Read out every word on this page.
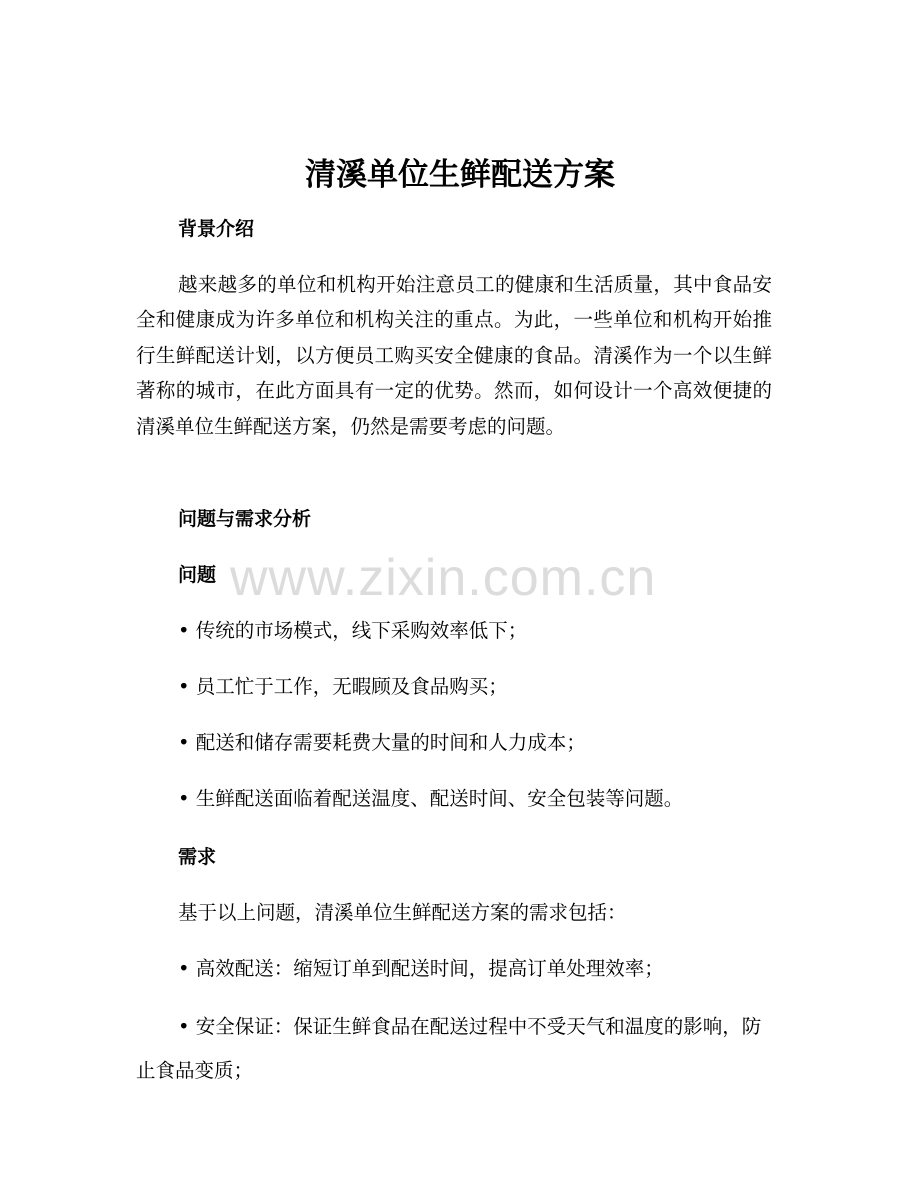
清溪单位生鲜配送方案
背景介绍

越来越多的单位和机构开始注意员工的健康和生活质量，其中食品安全和健康成为许多单位和机构关注的重点。为此，一些单位和机构开始推行生鲜配送计划，以方便员工购买安全健康的食品。清溪作为一个以生鲜著称的城市，在此方面具有一定的优势。然而，如何设计一个高效便捷的清溪单位生鲜配送方案，仍然是需要考虑的问题。

问题与需求分析
问题

• 传统的市场模式，线下采购效率低下；

• 员工忙于工作，无暇顾及食品购买；

• 配送和储存需要耗费大量的时间和人力成本；

• 生鲜配送面临着配送温度、配送时间、安全包装等问题。

需求

基于以上问题，清溪单位生鲜配送方案的需求包括：

• 高效配送：缩短订单到配送时间，提高订单处理效率；

• 安全保证：保证生鲜食品在配送过程中不受天气和温度的影响，防止食品变质；

www.zixin.com.cn
